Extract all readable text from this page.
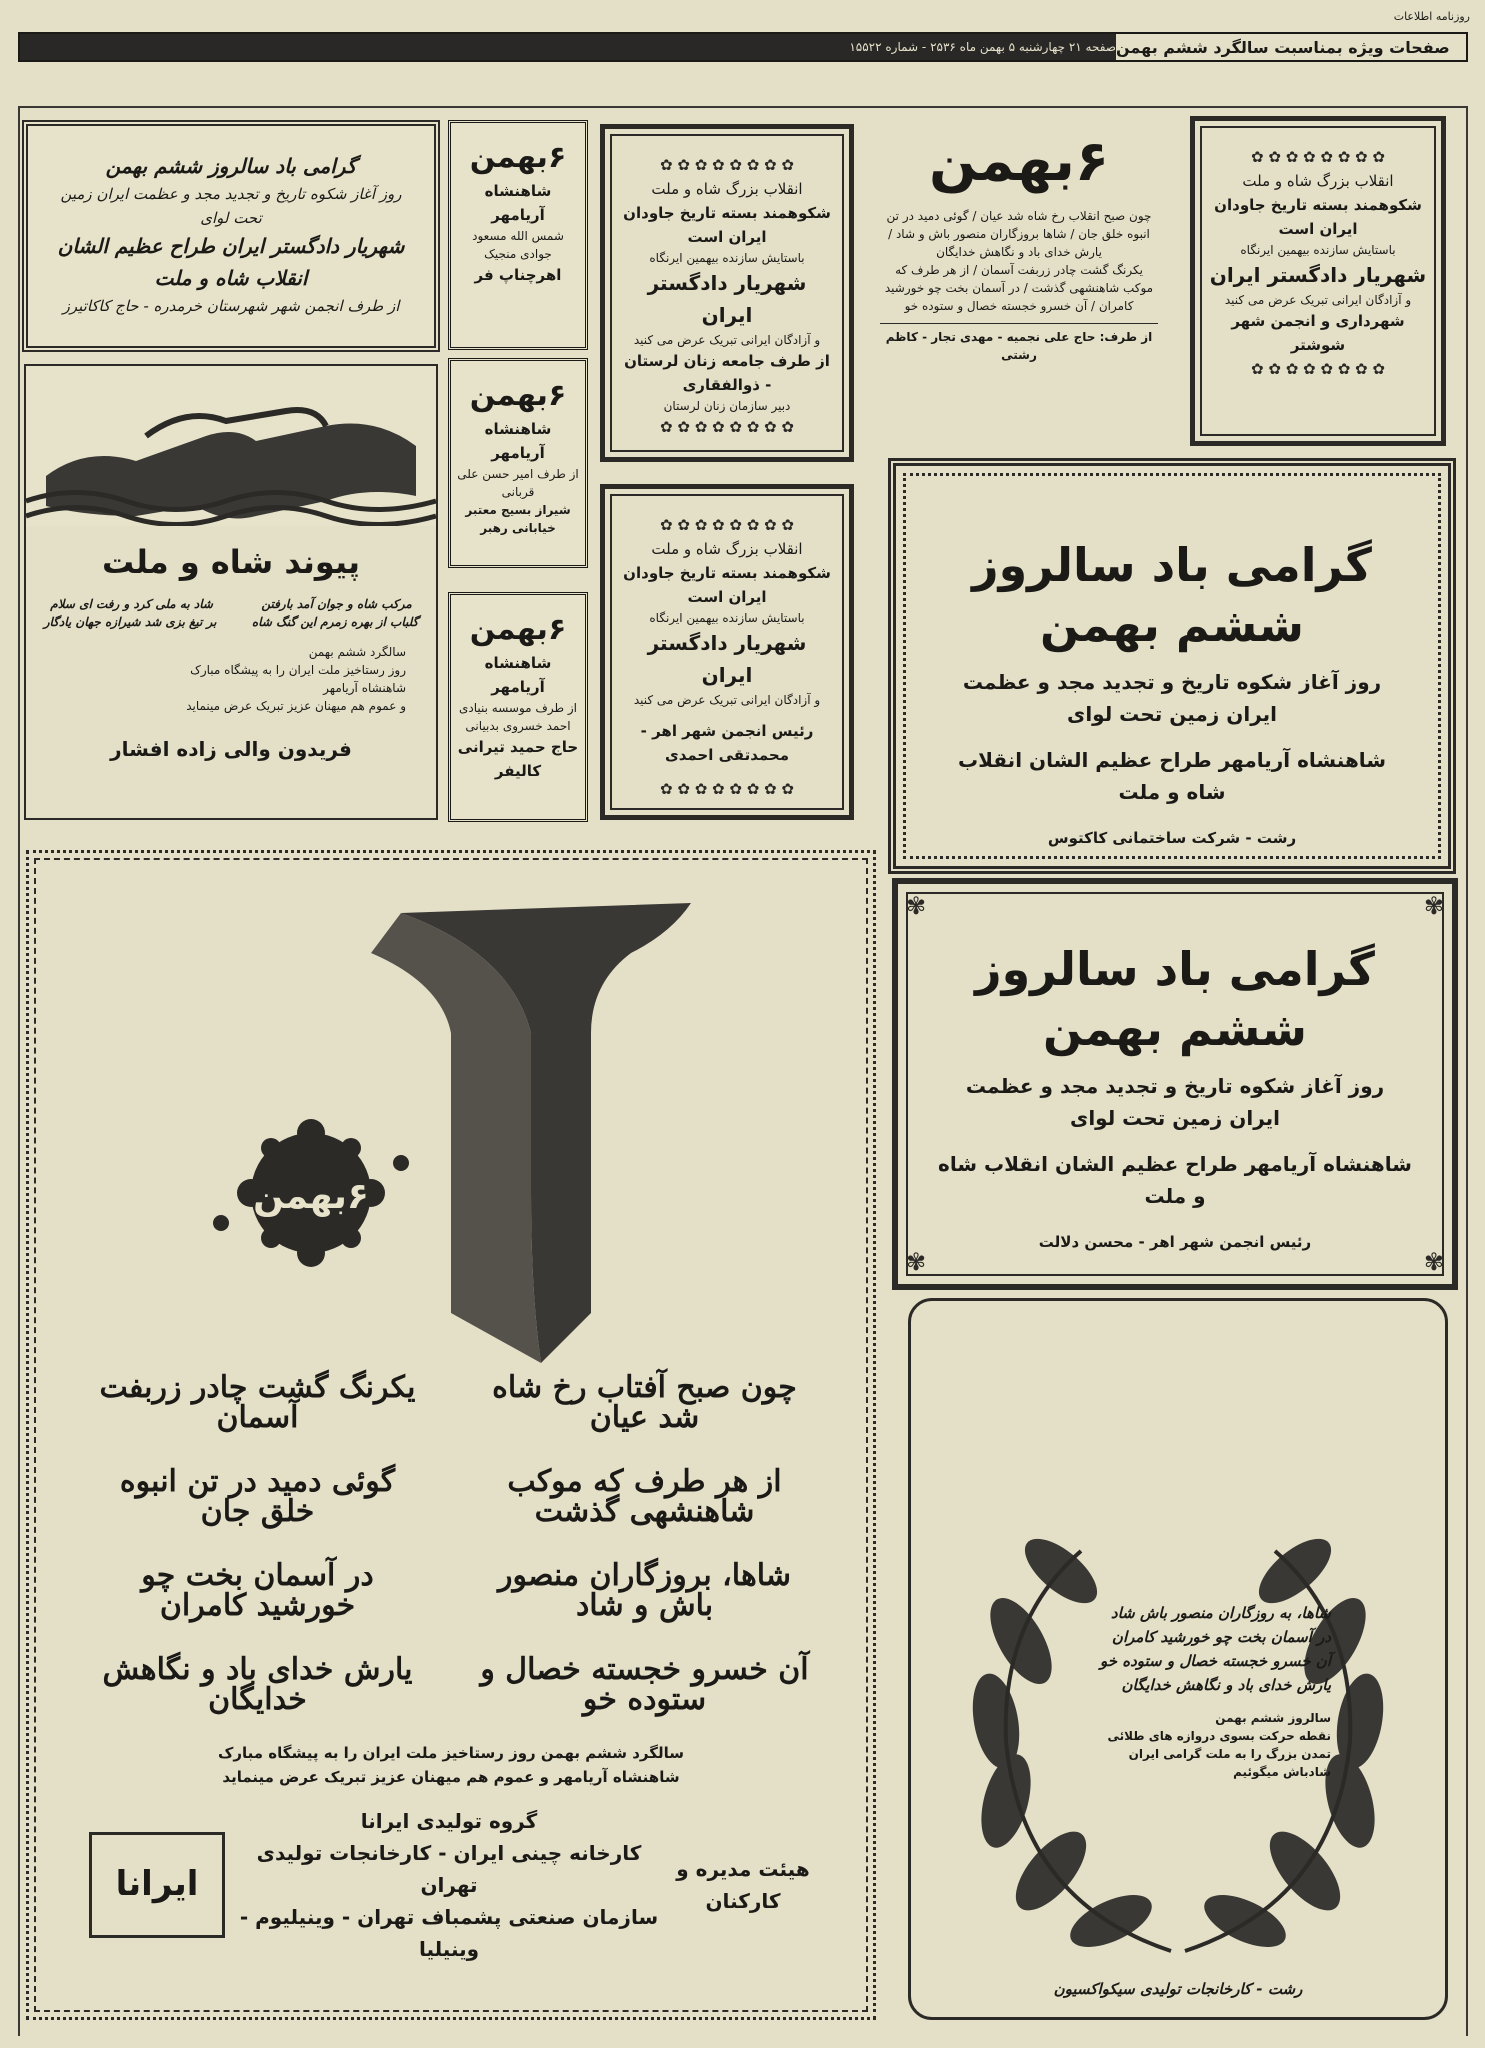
روزنامه اطلاعات
صفحه ۲۱ چهارشنبه ۵ بهمن ماه ۲۵۳۶ - شماره ۱۵۵۲۲ صفحات ویژه بمناسبت سالگرد ششم بهمن
گرامی باد سالروز ششم بهمن
روز آغاز شکوه تاریخ و تجدید مجد و عظمت ایران زمین تحت لوای
شهریار دادگستر ایران طراح عظیم الشان انقلاب شاه و ملت
از طرف انجمن شهر شهرستان خرمدره - حاج کاکاتیرز
۶بهمن
شاهنشاه آریامهر
شمس الله مسعود جوادی منجیک
اهرچناپ فر
۶بهمن
شاهنشاه آریامهر
از طرف امیر حسن علی قربانی
شیراز بسیج معتبر خیابانی رهبر
۶بهمن
شاهنشاه آریامهر
از طرف موسسه بنیادی احمد خسروی بدبیانی
حاج حمید تیرانی کالیفر
✿ ✿ ✿ ✿ ✿ ✿ ✿ ✿
انقلاب بزرگ شاه و ملت
شکوهمند بسته تاریخ جاودان ایران است
باستایش سازنده بیهمین ایرنگاه
شهریار دادگستر ایران
و آزادگان ایرانی تبریک عرض می کنید
از طرف جامعه زنان لرستان - ذوالفقاری
دبیر سازمان زنان لرستان
✿ ✿ ✿ ✿ ✿ ✿ ✿ ✿
✿ ✿ ✿ ✿ ✿ ✿ ✿ ✿
انقلاب بزرگ شاه و ملت
شکوهمند بسته تاریخ جاودان ایران است
باستایش سازنده بیهمین ایرنگاه
شهریار دادگستر ایران
و آزادگان ایرانی تبریک عرض می کنید
رئیس انجمن شهر اهر - محمدتقی احمدی
✿ ✿ ✿ ✿ ✿ ✿ ✿ ✿
۶بهمن
چون صبح انقلاب رخ شاه شد عیان / گوئی دمید در تن انبوه خلق جان / شاها بروزگاران منصور باش و شاد / یارش خدای باد و نگاهش خدایگان
یکرنگ گشت چادر زربفت آسمان / از هر طرف که موکب شاهنشهی گذشت / در آسمان بخت چو خورشید کامران / آن خسرو خجسته خصال و ستوده خو
از طرف: حاج علی نجمیه - مهدی تجار - کاظم رشتی
✿ ✿ ✿ ✿ ✿ ✿ ✿ ✿
انقلاب بزرگ شاه و ملت
شکوهمند بسته تاریخ جاودان ایران است
باستایش سازنده بیهمین ایرنگاه
شهریار دادگستر ایران
و آزادگان ایرانی تبریک عرض می کنید
شهرداری و انجمن شهر شوشتر
✿ ✿ ✿ ✿ ✿ ✿ ✿ ✿
پیوند شاه و ملت
مرکب شاه و جوان آمد بارفتن
شاد به ملی کرد و رفت ای سلام
گلباب از بهره زمرم این گنگ شاه
بر تیغ بزی شد شیرازه جهان یادگار
سالگرد ششم بهمن
روز رستاخیز ملت ایران را به پیشگاه مبارک
شاهنشاه آریامهر
و عموم هم میهنان عزیز تبریک عرض مینماید
فریدون والی زاده افشار
گرامی باد سالروز ششم بهمن
روز آغاز شکوه تاریخ و تجدید مجد و عظمت ایران زمین تحت لوای
شاهنشاه آریامهر طراح عظیم الشان انقلاب شاه و ملت
رشت - شرکت ساختمانی کاکتوس
✾	✾
✾	✾
گرامی باد سالروز ششم بهمن
روز آغاز شکوه تاریخ و تجدید مجد و عظمت ایران زمین تحت لوای
شاهنشاه آریامهر طراح عظیم الشان انقلاب شاه و ملت
رئیس انجمن شهر اهر - محسن دلالت
۶بهمن
چون صبح آفتاب رخ شاه شد عیان
یکرنگ گشت چادر زربفت آسمان
از هر طرف که موکب شاهنشهی گذشت
گوئی دمید در تن انبوه خلق جان
شاها، بروزگاران منصور باش و شاد
در آسمان بخت چو خورشید کامران
آن خسرو خجسته خصال و ستوده خو
یارش خدای باد و نگاهش خدایگان
سالگرد ششم بهمن روز رستاخیز ملت ایران را به پیشگاه مبارک
شاهنشاه آریامهر و عموم هم میهنان عزیز تبریک عرض مینماید
هیئت مدیره و کارکنان
گروه تولیدی ایرانا
کارخانه چینی ایران - کارخانجات تولیدی تهران
سازمان صنعتی پشمباف تهران - وینیلیوم - وینیلیا
ایرانا
شاها، به روزگاران منصور باش شاد
در آسمان بخت چو خورشید کامران
آن خسرو خجسته خصال و ستوده خو
یارش خدای باد و نگاهش خدایگان
سالروز ششم بهمن
نقطه حرکت بسوی دروازه های طلائی
تمدن بزرگ را به ملت گرامی ایران
شادباش میگوئیم
رشت - کارخانجات تولیدی سیکواکسیون
